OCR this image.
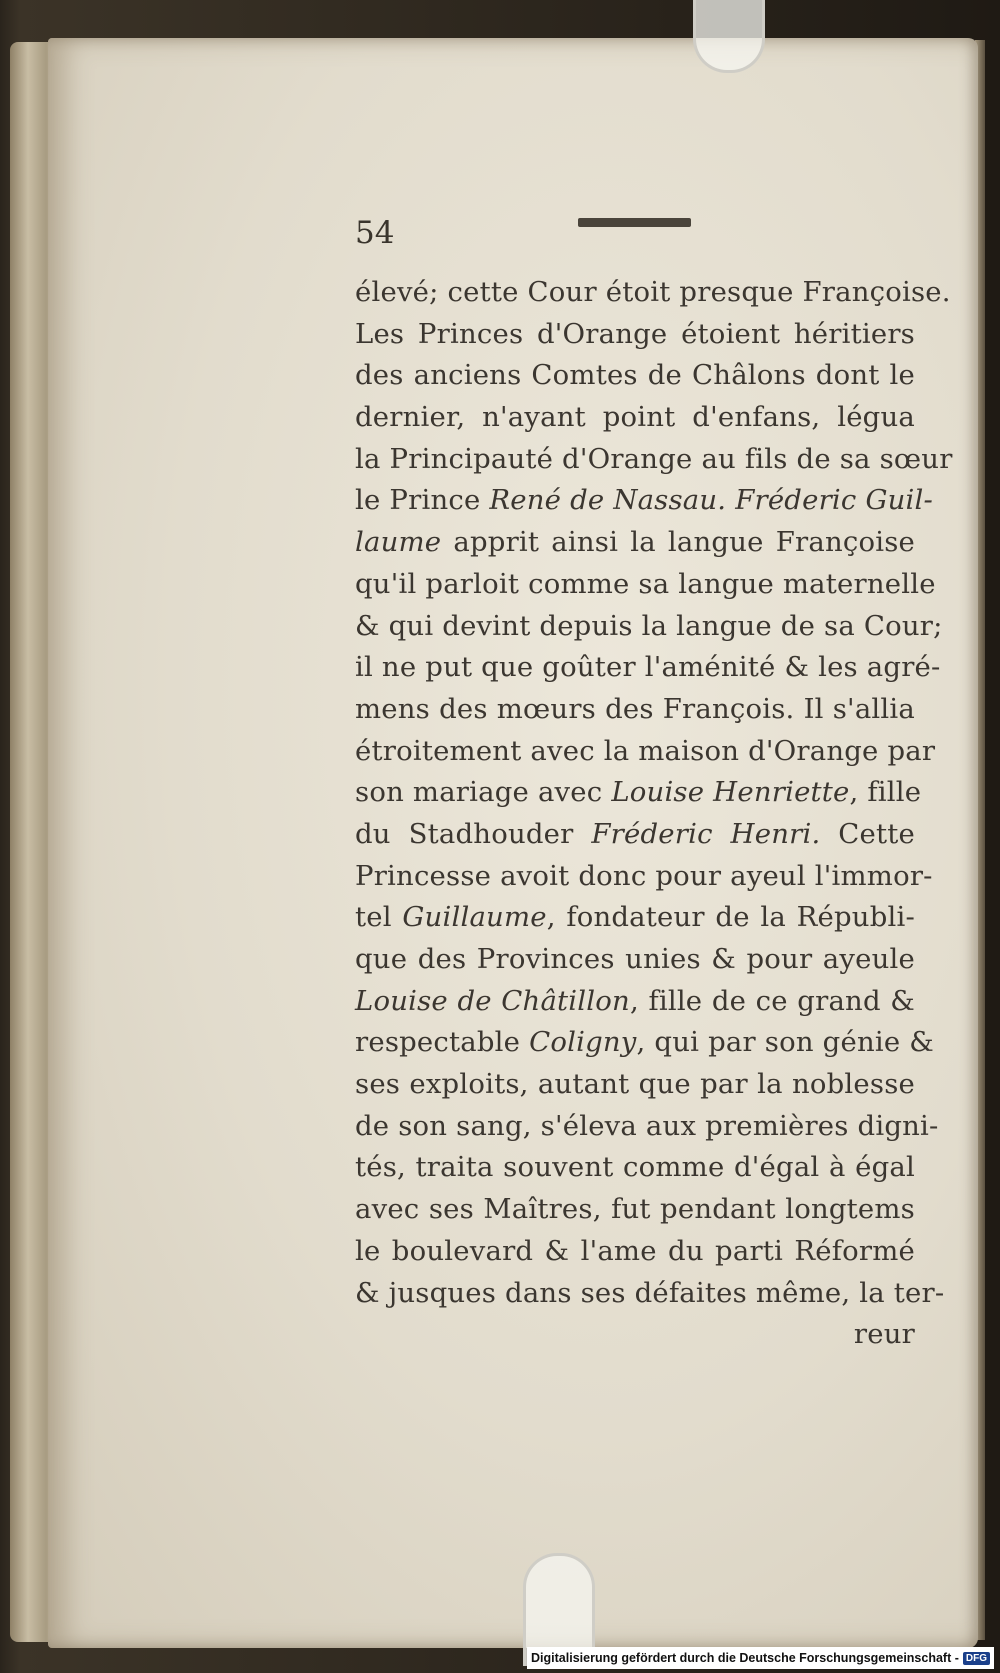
54
élevé; cette Cour étoit presque Françoise.
Les Princes d'Orange étoient héritiers
des anciens Comtes de Châlons dont le
dernier, n'ayant point d'enfans, légua
la Principauté d'Orange au fils de sa sœur
le Prince René de Nassau. Fréderic Guil-
laume apprit ainsi la langue Françoise
qu'il parloit comme sa langue maternelle
& qui devint depuis la langue de sa Cour;
il ne put que goûter l'aménité & les agré-
mens des mœurs des François. Il s'allia
étroitement avec la maison d'Orange par
son mariage avec Louise Henriette, fille
du Stadhouder Fréderic Henri. Cette
Princesse avoit donc pour ayeul l'immor-
tel Guillaume, fondateur de la Républi-
que des Provinces unies & pour ayeule
Louise de Châtillon, fille de ce grand &
respectable Coligny, qui par son génie &
ses exploits, autant que par la noblesse
de son sang, s'éleva aux premières digni-
tés, traita souvent comme d'égal à égal
avec ses Maîtres, fut pendant longtems
le boulevard & l'ame du parti Réformé
& jusques dans ses défaites même, la ter-
reur
Digitalisierung gefördert durch die Deutsche Forschungsgemeinschaft - DFG
